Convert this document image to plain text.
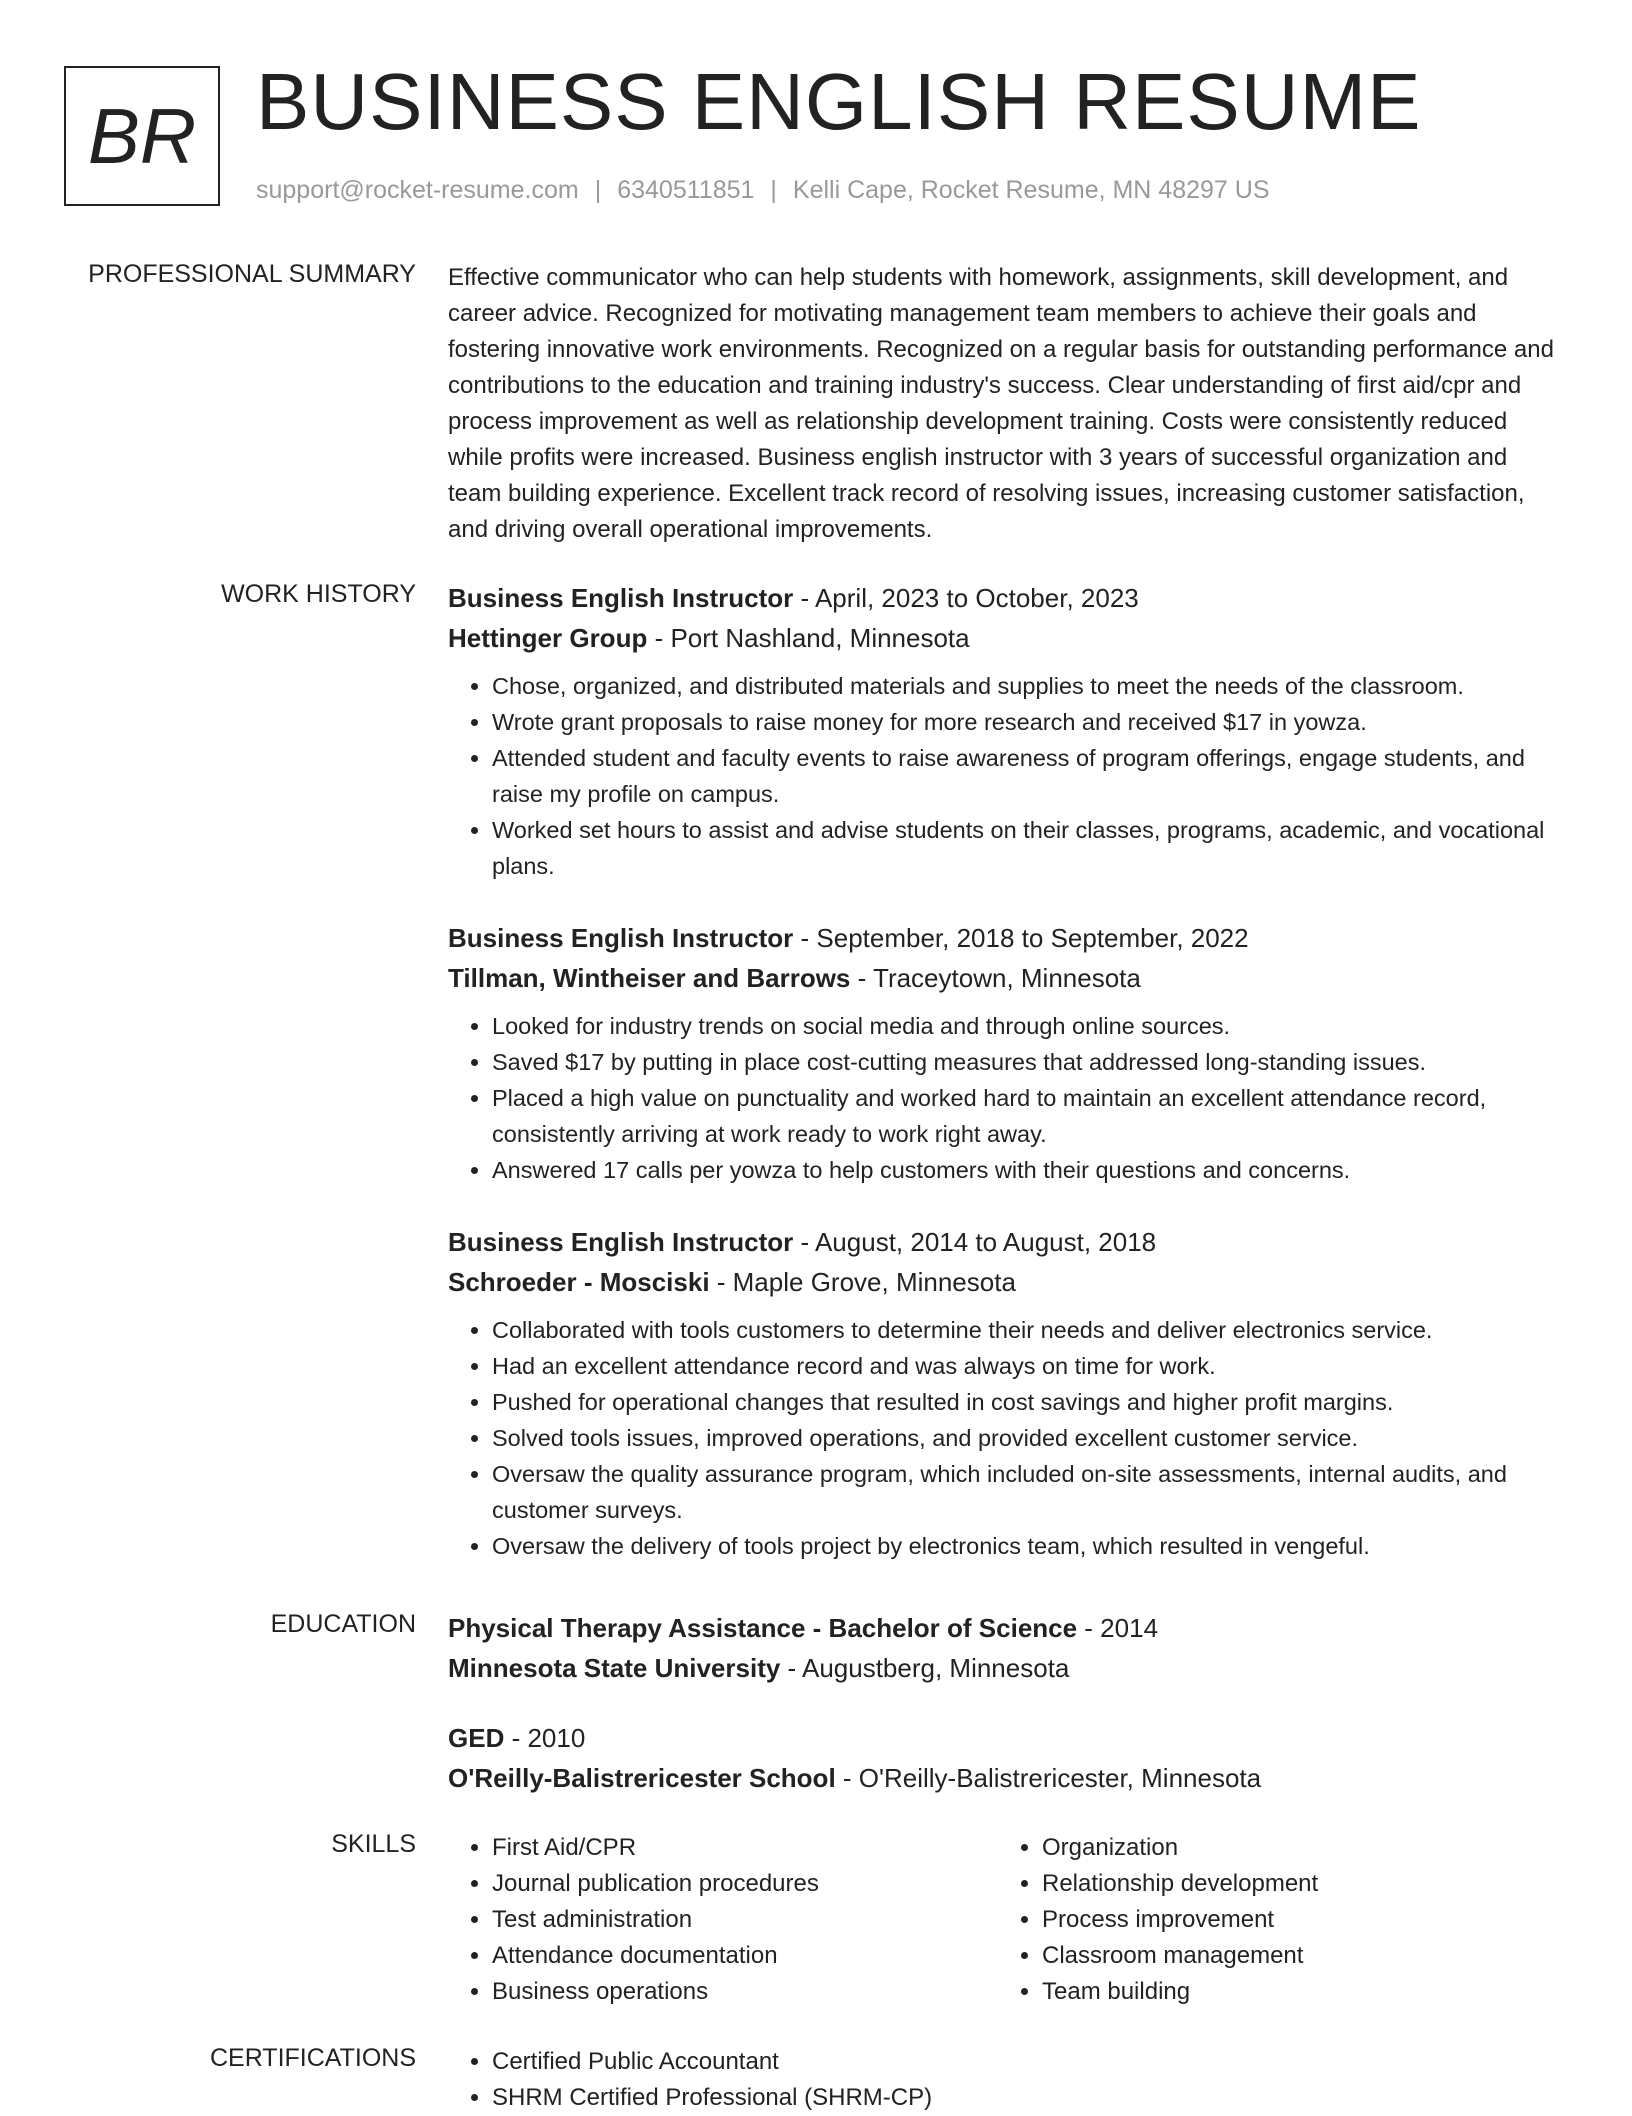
BR BUSINESS ENGLISH RESUME
support@rocket-resume.com | 6340511851 | Kelli Cape, Rocket Resume, MN 48297 US
PROFESSIONAL SUMMARY Effective communicator who can help students with homework, assignments, skill development, and career advice. Recognized for motivating management team members to achieve their goals and fostering innovative work environments. Recognized on a regular basis for outstanding performance and contributions to the education and training industry's success. Clear understanding of first aid/cpr and process improvement as well as relationship development training. Costs were consistently reduced while profits were increased. Business english instructor with 3 years of successful organization and team building experience. Excellent track record of resolving issues, increasing customer satisfaction, and driving overall operational improvements.

WORK HISTORY Business English Instructor - April, 2023 to October, 2023
Hettinger Group - Port Nashland, Minnesota
• Chose, organized, and distributed materials and supplies to meet the needs of the classroom.
• Wrote grant proposals to raise money for more research and received $17 in yowza.
• Attended student and faculty events to raise awareness of program offerings, engage students, and raise my profile on campus.
• Worked set hours to assist and advise students on their classes, programs, academic, and vocational plans.
Business English Instructor - September, 2018 to September, 2022
Tillman, Wintheiser and Barrows - Traceytown, Minnesota
• Looked for industry trends on social media and through online sources.
• Saved $17 by putting in place cost-cutting measures that addressed long-standing issues.
• Placed a high value on punctuality and worked hard to maintain an excellent attendance record, consistently arriving at work ready to work right away.
• Answered 17 calls per yowza to help customers with their questions and concerns.
Business English Instructor - August, 2014 to August, 2018
Schroeder - Mosciski - Maple Grove, Minnesota
• Collaborated with tools customers to determine their needs and deliver electronics service.
• Had an excellent attendance record and was always on time for work.
• Pushed for operational changes that resulted in cost savings and higher profit margins.
• Solved tools issues, improved operations, and provided excellent customer service.
• Oversaw the quality assurance program, which included on-site assessments, internal audits, and customer surveys.
• Oversaw the delivery of tools project by electronics team, which resulted in vengeful.
EDUCATION Physical Therapy Assistance - Bachelor of Science - 2014
Minnesota State University - Augustberg, Minnesota
GED - 2010
O'Reilly-Balistrericester School - O'Reilly-Balistrericester, Minnesota
SKILLS	• First Aid/CPR
• Journal publication procedures
• Test administration
• Attendance documentation
• Business operations
• Organization
• Relationship development
• Process improvement
• Classroom management
• Team building
CERTIFICATIONS	• Certified Public Accountant
• SHRM Certified Professional (SHRM-CP)
